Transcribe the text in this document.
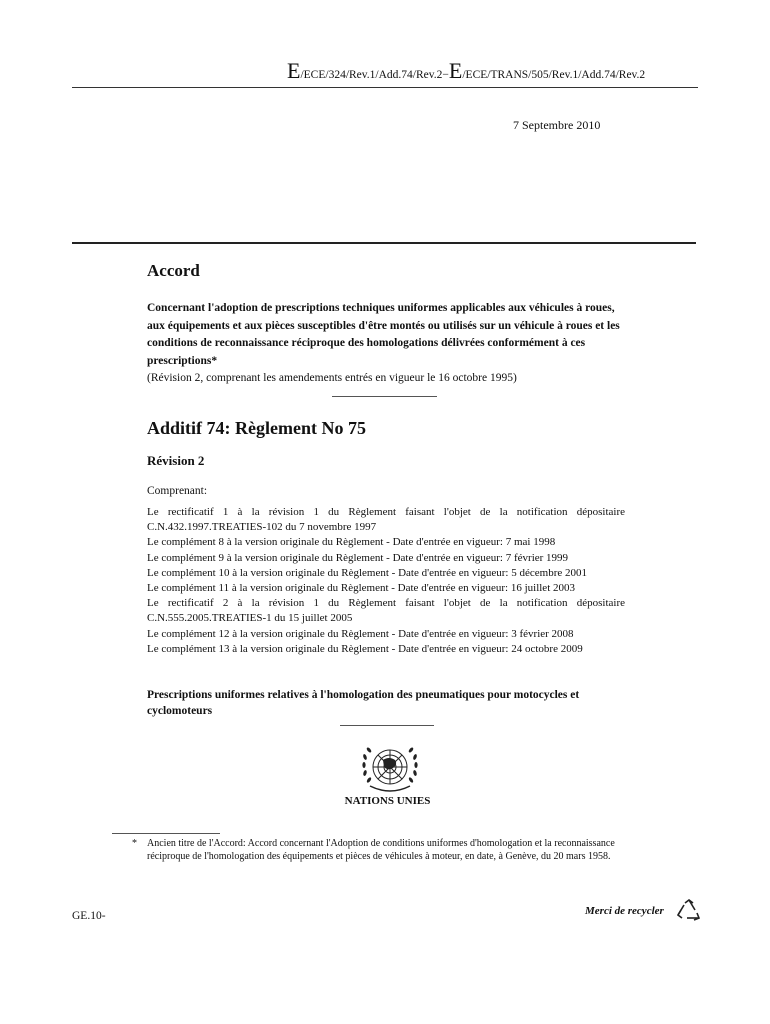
E/ECE/324/Rev.1/Add.74/Rev.2−E/ECE/TRANS/505/Rev.1/Add.74/Rev.2
7 Septembre 2010
Accord
Concernant l'adoption de prescriptions techniques uniformes applicables aux véhicules à roues, aux équipements et aux pièces susceptibles d'être montés ou utilisés sur un véhicule à roues et les conditions de reconnaissance réciproque des homologations délivrées conformément à ces prescriptions*
(Révision 2, comprenant les amendements entrés en vigueur le 16 octobre 1995)
Additif 74: Règlement No 75
Révision 2
Comprenant:
Le rectificatif 1 à la révision 1 du Règlement faisant l'objet de la notification dépositaire C.N.432.1997.TREATIES-102 du 7 novembre 1997
Le complément 8 à la version originale du Règlement - Date d'entrée en vigueur: 7 mai 1998
Le complément 9 à la version originale du Règlement - Date d'entrée en vigueur: 7 février 1999
Le complément 10 à la version originale du Règlement - Date d'entrée en vigueur: 5 décembre 2001
Le complément 11 à la version originale du Règlement - Date d'entrée en vigueur: 16 juillet 2003
Le rectificatif 2 à la révision 1 du Règlement faisant l'objet de la notification dépositaire C.N.555.2005.TREATIES-1 du 15 juillet 2005
Le complément 12 à la version originale du Règlement - Date d'entrée en vigueur: 3 février 2008
Le complément 13 à la version originale du Règlement - Date d'entrée en vigueur: 24 octobre 2009
Prescriptions uniformes relatives à l'homologation des pneumatiques pour motocycles et cyclomoteurs
NATIONS UNIES
* Ancien titre de l'Accord: Accord concernant l'Adoption de conditions uniformes d'homologation et la reconnaissance réciproque de l'homologation des équipements et pièces de véhicules à moteur, en date, à Genève, du 20 mars 1958.
GE.10-	Merci de recycler
